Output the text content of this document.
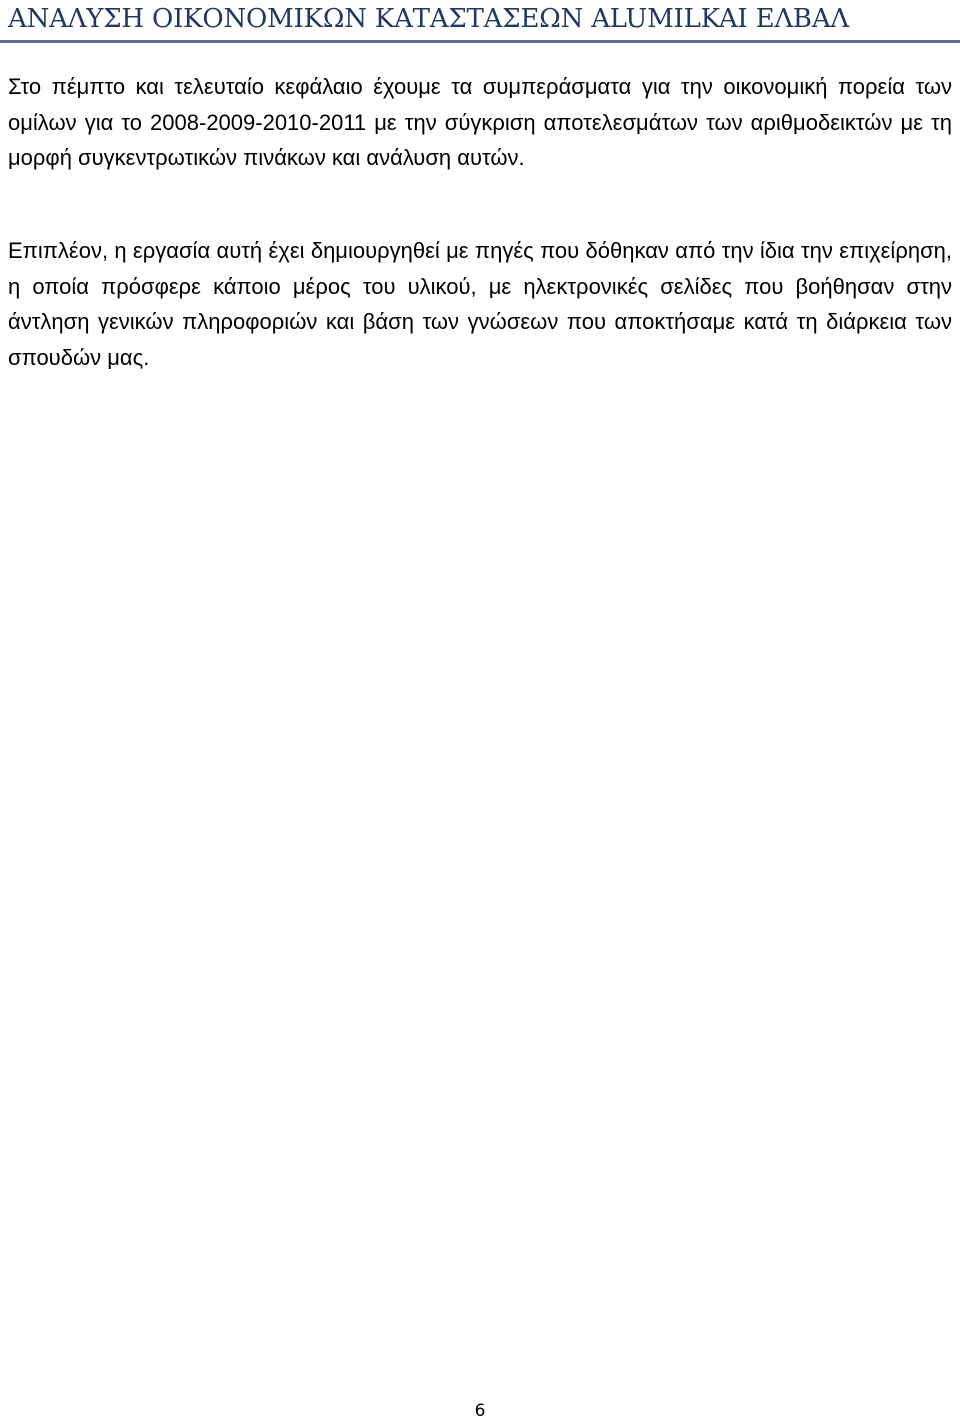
ΑΝΑΛΥΣΗ ΟΙΚΟΝΟΜΙΚΩΝ ΚΑΤΑΣΤΑΣΕΩΝ ALUMILKAI ΕΛΒΑΛ

Στο πέμπτο και τελευταίο κεφάλαιο έχουμε τα συμπεράσματα για την οικονομική πορεία των ομίλων για το 2008-2009-2010-2011 με την σύγκριση αποτελεσμάτων των αριθμοδεικτών με τη μορφή συγκεντρωτικών πινάκων και ανάλυση αυτών.

Επιπλέον, η εργασία αυτή έχει δημιουργηθεί με πηγές που δόθηκαν από την ίδια την επιχείρηση, η οποία πρόσφερε κάποιο μέρος του υλικού, με ηλεκτρονικές σελίδες που βοήθησαν στην άντληση γενικών πληροφοριών και βάση των γνώσεων που αποκτήσαμε κατά τη διάρκεια των σπουδών μας.

6
